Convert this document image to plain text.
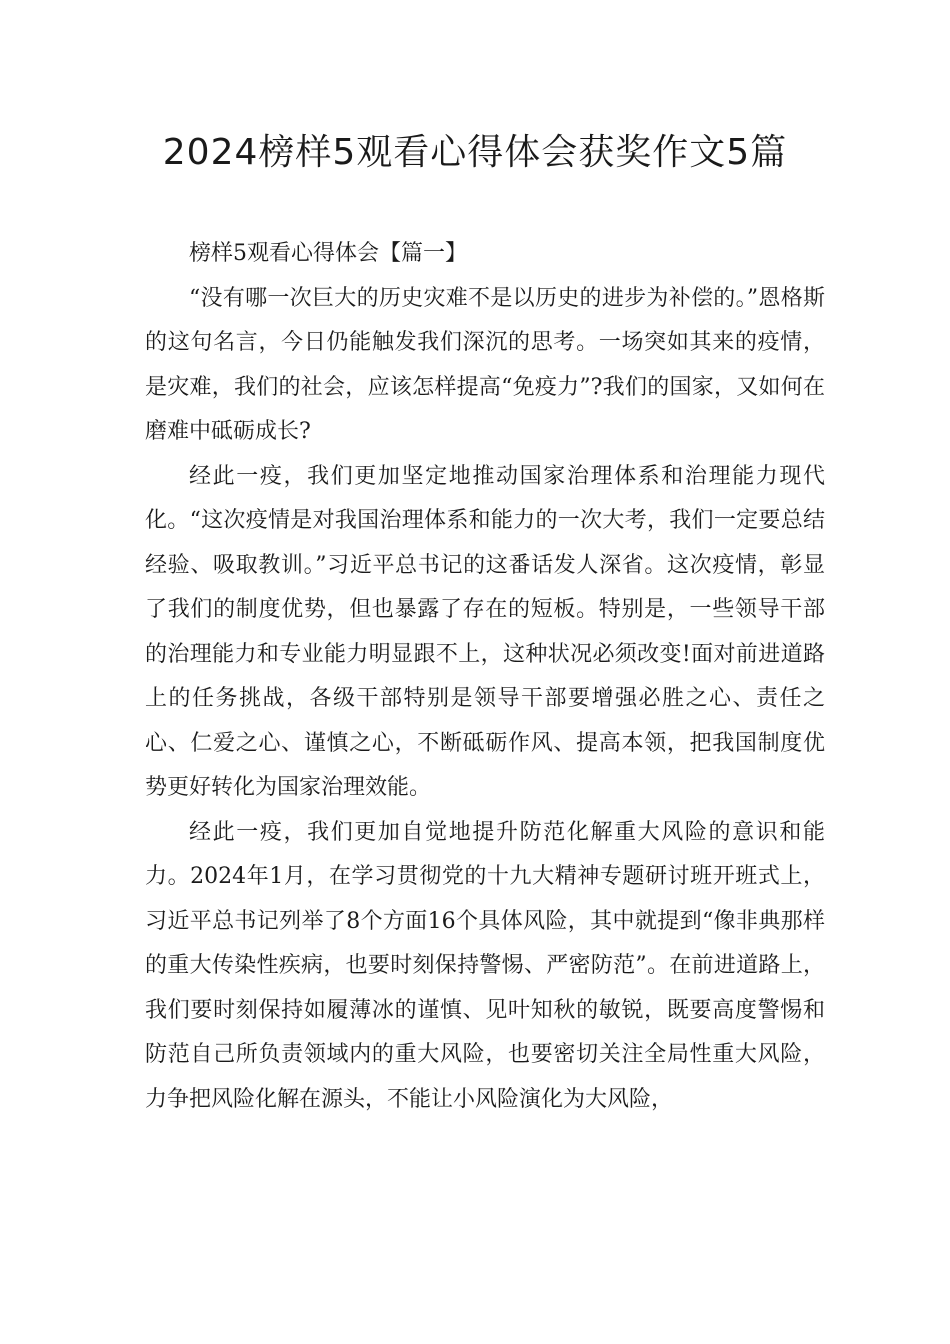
2024榜样5观看心得体会获奖作文5篇

榜样5观看心得体会【篇一】

“没有哪一次巨大的历史灾难不是以历史的进步为补偿的。”恩格斯的这句名言，今日仍能触发我们深沉的思考。一场突如其来的疫情，是灾难，我们的社会，应该怎样提高“免疫力”?我们的国家，又如何在磨难中砥砺成长?

经此一疫，我们更加坚定地推动国家治理体系和治理能力现代化。“这次疫情是对我国治理体系和能力的一次大考，我们一定要总结经验、吸取教训。”习近平总书记的这番话发人深省。这次疫情，彰显了我们的制度优势，但也暴露了存在的短板。特别是，一些领导干部的治理能力和专业能力明显跟不上，这种状况必须改变!面对前进道路上的任务挑战，各级干部特别是领导干部要增强必胜之心、责任之心、仁爱之心、谨慎之心，不断砥砺作风、提高本领，把我国制度优势更好转化为国家治理效能。

经此一疫，我们更加自觉地提升防范化解重大风险的意识和能力。2024年1月，在学习贯彻党的十九大精神专题研讨班开班式上，习近平总书记列举了8个方面16个具体风险，其中就提到“像非典那样的重大传染性疾病，也要时刻保持警惕、严密防范”。在前进道路上，我们要时刻保持如履薄冰的谨慎、见叶知秋的敏锐，既要高度警惕和防范自己所负责领域内的重大风险，也要密切关注全局性重大风险，力争把风险化解在源头，不能让小风险演化为大风险，
